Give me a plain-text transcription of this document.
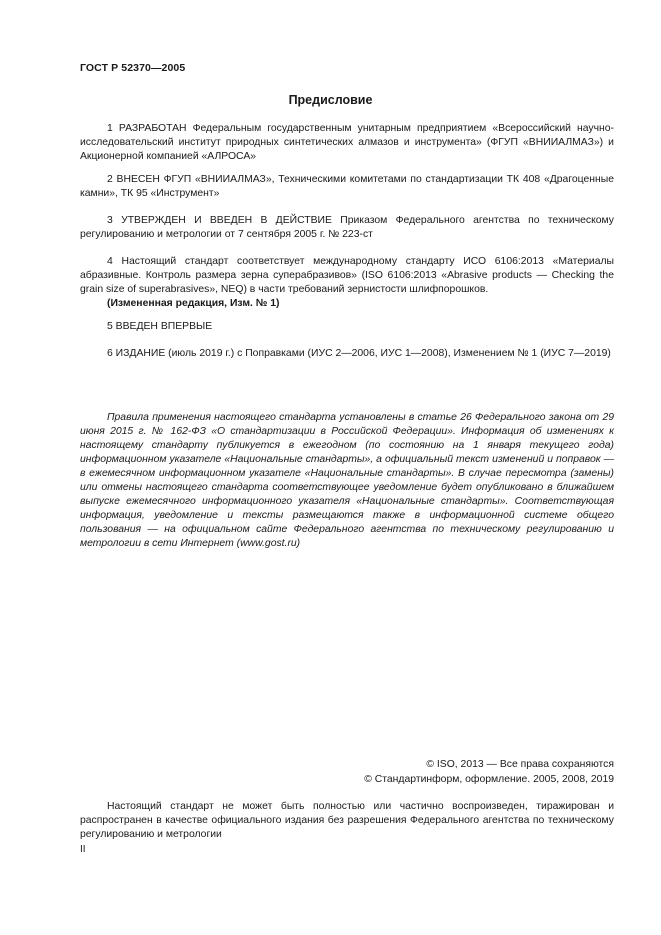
ГОСТ Р 52370—2005
Предисловие

1 РАЗРАБОТАН Федеральным государственным унитарным предприятием «Всероссийский научно-исследовательский институт природных синтетических алмазов и инструмента» (ФГУП «ВНИИАЛМАЗ») и Акционерной компанией «АЛРОСА»

2 ВНЕСЕН ФГУП «ВНИИАЛМАЗ», Техническими комитетами по стандартизации ТК 408 «Драгоценные камни», ТК 95 «Инструмент»

3 УТВЕРЖДЕН И ВВЕДЕН В ДЕЙСТВИЕ Приказом Федерального агентства по техническому регулированию и метрологии от 7 сентября 2005 г. № 223-ст

4 Настоящий стандарт соответствует международному стандарту ИСО 6106:2013 «Материалы абразивные. Контроль размера зерна суперабразивов» (ISO 6106:2013 «Abrasive products — Checking the grain size of superabrasives», NEQ) в части требований зернистости шлифпорошков.

(Измененная редакция, Изм. № 1)

5 ВВЕДЕН ВПЕРВЫЕ

6 ИЗДАНИЕ (июль 2019 г.) с Поправками (ИУС 2—2006, ИУС 1—2008), Изменением № 1 (ИУС 7—2019)

Правила применения настоящего стандарта установлены в статье 26 Федерального закона от 29 июня 2015 г. № 162-ФЗ «О стандартизации в Российской Федерации». Информация об изменениях к настоящему стандарту публикуется в ежегодном (по состоянию на 1 января текущего года) информационном указателе «Национальные стандарты», а официальный текст изменений и поправок — в ежемесячном информационном указателе «Национальные стандарты». В случае пересмотра (замены) или отмены настоящего стандарта соответствующее уведомление будет опубликовано в ближайшем выпуске ежемесячного информационного указателя «Национальные стандарты». Соответствующая информация, уведомление и тексты размещаются также в информационной системе общего пользования — на официальном сайте Федерального агентства по техническому регулированию и метрологии в сети Интернет (www.gost.ru)

© ISO, 2013 — Все права сохраняются
© Стандартинформ, оформление. 2005, 2008, 2019

Настоящий стандарт не может быть полностью или частично воспроизведен, тиражирован и распространен в качестве официального издания без разрешения Федерального агентства по техническому регулированию и метрологии

II
